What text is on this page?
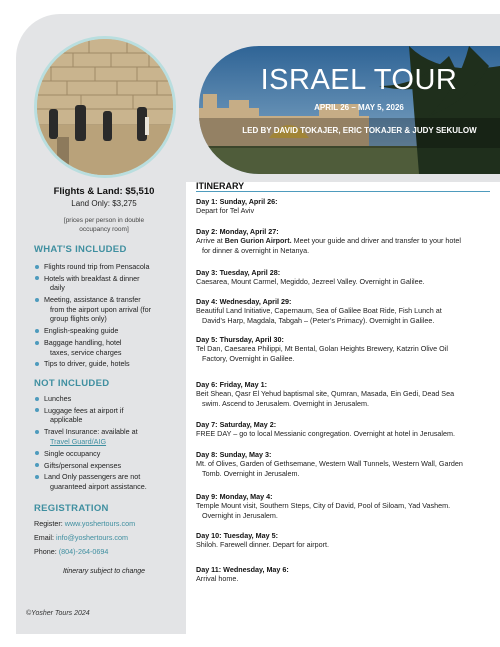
Flights & Land: $5,510
Land Only: $3,275
[prices per person in double
occupancy room]
WHAT'S INCLUDED
Flights round trip from Pensacola
Hotels with breakfast & dinner
daily
Meeting, assistance & transfer
from the airport upon arrival (for
group flights only)
English-speaking guide
Baggage handling, hotel
taxes, service charges
Tips to driver, guide, hotels
NOT INCLUDED
Lunches
Luggage fees at airport if
applicable
Travel Insurance: available at
Travel Guard/AIG
Single occupancy
Gifts/personal expenses
Land Only passengers are not
guaranteed airport assistance.
REGISTRATION
Register: www.yoshertours.com
Email: info@yoshertours.com
Phone: (804)-264-0694
Itinerary subject to change
©Yosher Tours 2024
ISRAEL TOUR
APRIL 26 – MAY 5, 2026
LED BY DAVID TOKAJER, ERIC TOKAJER & JUDY SEKULOW
ITINERARY
Day 1: Sunday, April 26:
Depart for Tel Aviv
Day 2: Monday, April 27:
Arrive at Ben Gurion Airport. Meet your guide and driver and transfer to your hotel
for dinner & overnight in Netanya.
Day 3: Tuesday, April 28:
Caesarea, Mount Carmel, Megiddo, Jezreel Valley. Overnight in Galilee.
Day 4: Wednesday, April 29:
Beautiful Land Initiative, Capernaum, Sea of Galilee Boat Ride, Fish Lunch at
David’s Harp, Magdala, Tabgah – (Peter’s Primacy). Overnight in Galilee.
Day 5: Thursday, April 30:
Tel Dan, Caesarea Philippi, Mt Bental, Golan Heights Brewery, Katzrin Olive Oil
Factory, Overnight in Galilee.
Day 6: Friday, May 1:
Beit Shean, Qasr El Yehud baptismal site, Qumran, Masada, Ein Gedi, Dead Sea
swim. Ascend to Jerusalem. Overnight in Jerusalem.
Day 7: Saturday, May 2:
FREE DAY – go to local Messianic congregation. Overnight at hotel in Jerusalem.
Day 8: Sunday, May 3:
Mt. of Olives, Garden of Gethsemane, Western Wall Tunnels, Western Wall, Garden
Tomb. Overnight in Jerusalem.
Day 9: Monday, May 4:
Temple Mount visit, Southern Steps, City of David, Pool of Siloam, Yad Vashem.
Overnight in Jerusalem.
Day 10: Tuesday, May 5:
Shiloh. Farewell dinner. Depart for airport.
Day 11: Wednesday, May 6:
Arrival home.
